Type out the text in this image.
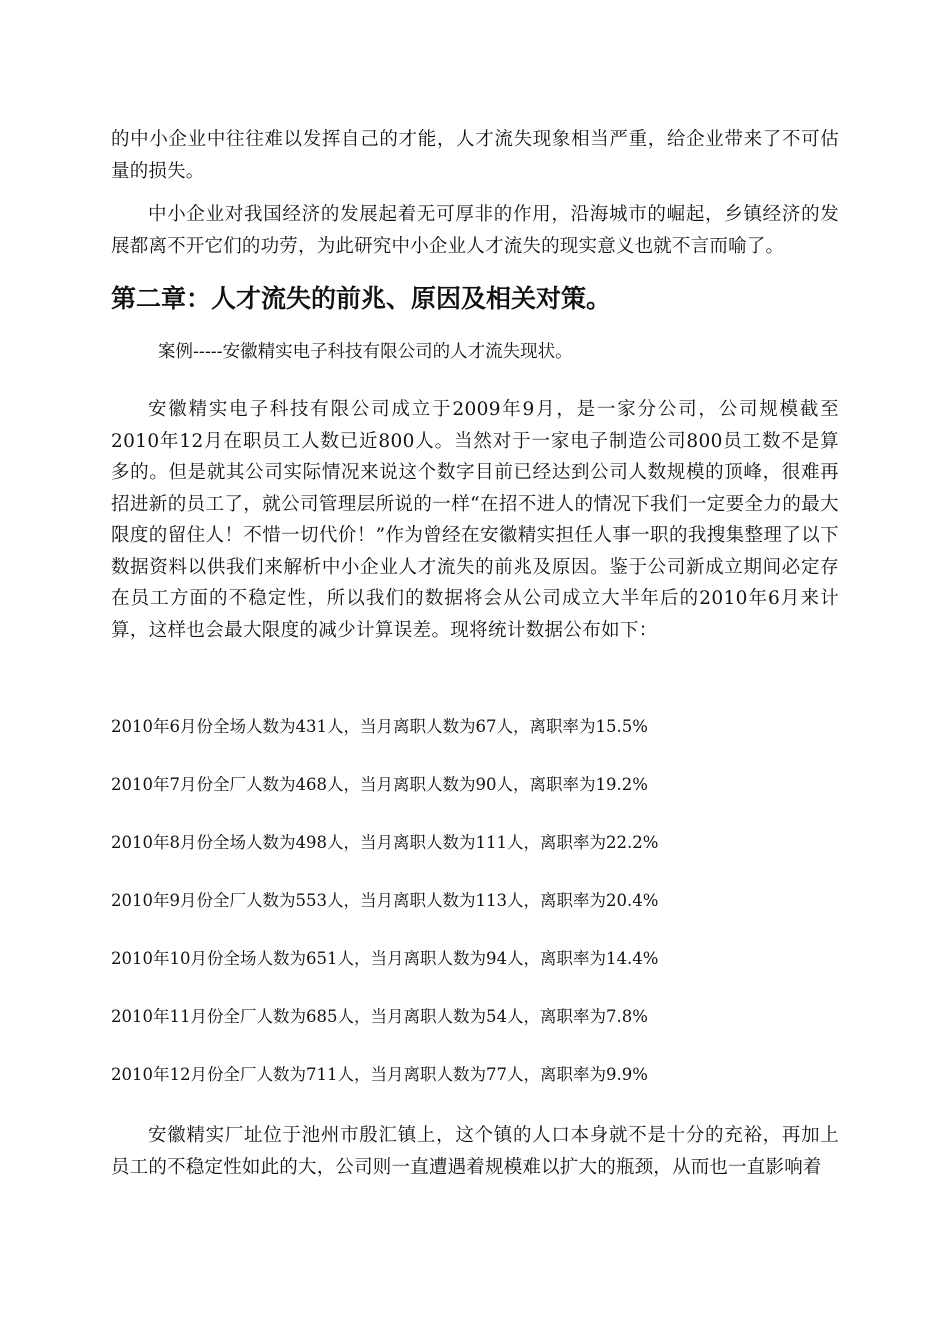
的中小企业中往往难以发挥自己的才能，人才流失现象相当严重，给企业带来了不可估量的损失。

中小企业对我国经济的发展起着无可厚非的作用，沿海城市的崛起，乡镇经济的发展都离不开它们的功劳，为此研究中小企业人才流失的现实意义也就不言而喻了。

第二章：人才流失的前兆、原因及相关对策。

案例-----安徽精实电子科技有限公司的人才流失现状。

安徽精实电子科技有限公司成立于2009年9月，是一家分公司，公司规模截至2010年12月在职员工人数已近800人。当然对于一家电子制造公司800员工数不是算多的。但是就其公司实际情况来说这个数字目前已经达到公司人数规模的顶峰，很难再招进新的员工了，就公司管理层所说的一样“在招不进人的情况下我们一定要全力的最大限度的留住人！不惜一切代价！”作为曾经在安徽精实担任人事一职的我搜集整理了以下数据资料以供我们来解析中小企业人才流失的前兆及原因。鉴于公司新成立期间必定存在员工方面的不稳定性，所以我们的数据将会从公司成立大半年后的2010年6月来计算，这样也会最大限度的减少计算误差。现将统计数据公布如下：

2010年6月份全场人数为431人，当月离职人数为67人，离职率为15.5%

2010年7月份全厂人数为468人，当月离职人数为90人，离职率为19.2%

2010年8月份全场人数为498人，当月离职人数为111人，离职率为22.2%

2010年9月份全厂人数为553人，当月离职人数为113人，离职率为20.4%

2010年10月份全场人数为651人，当月离职人数为94人，离职率为14.4%

2010年11月份全厂人数为685人，当月离职人数为54人，离职率为7.8%

2010年12月份全厂人数为711人，当月离职人数为77人，离职率为9.9%

安徽精实厂址位于池州市殷汇镇上，这个镇的人口本身就不是十分的充裕，再加上员工的不稳定性如此的大，公司则一直遭遇着规模难以扩大的瓶颈，从而也一直影响着
